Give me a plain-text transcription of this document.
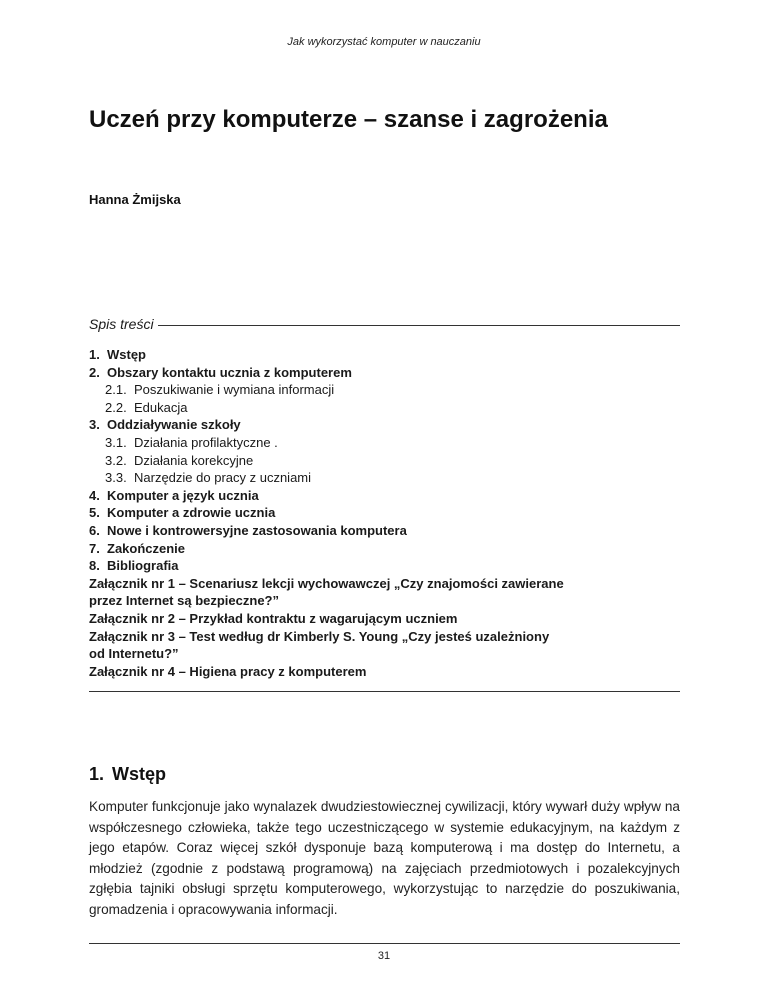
Jak wykorzystać komputer w nauczaniu
Uczeń przy komputerze – szanse i zagrożenia
Hanna Żmijska
Spis treści
1. Wstęp
2. Obszary kontaktu ucznia z komputerem
2.1. Poszukiwanie i wymiana informacji
2.2. Edukacja
3. Oddziaływanie szkoły
3.1. Działania profilaktyczne .
3.2. Działania korekcyjne
3.3. Narzędzie do pracy z uczniami
4. Komputer a język ucznia
5. Komputer a zdrowie ucznia
6. Nowe i kontrowersyjne zastosowania komputera
7. Zakończenie
8. Bibliografia
Załącznik nr 1 – Scenariusz lekcji wychowawczej „Czy znajomości zawierane
przez Internet są bezpieczne?”
Załącznik nr 2 – Przykład kontraktu z wagarującym uczniem
Załącznik nr 3 – Test według dr Kimberly S. Young „Czy jesteś uzależniony
od Internetu?”
Załącznik nr 4 – Higiena pracy z komputerem
1. Wstęp

Komputer funkcjonuje jako wynalazek dwudziestowiecznej cywilizacji, który wywarł duży wpływ na współczesnego człowieka, także tego uczestniczącego w systemie edukacyjnym, na każdym z jego etapów. Coraz więcej szkół dysponuje bazą komputerową i ma dostęp do Internetu, a młodzież (zgodnie z podstawą programową) na zajęciach przedmiotowych i pozalekcyjnych zgłębia tajniki obsługi sprzętu komputerowego, wykorzystując to narzędzie do poszukiwania, gromadzenia i opracowywania informacji.

31
